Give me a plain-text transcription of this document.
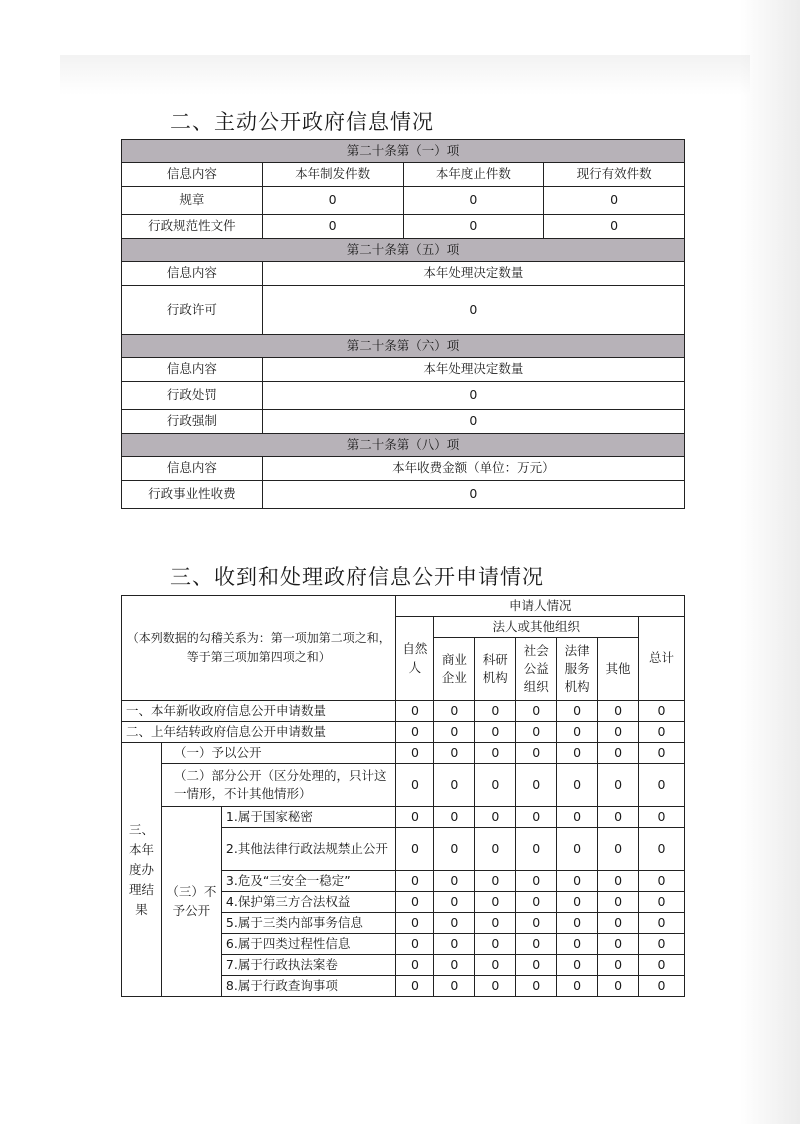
二、主动公开政府信息情况
第二十条第（一）项			
信息内容	本年制发件数	本年度止件数	现行有效件数
规章	0	0	0
行政规范性文件	0	0	0
第二十条第（五）项			
信息内容	本年处理决定数量		
行政许可	0		
第二十条第（六）项			
信息内容	本年处理决定数量		
行政处罚	0		
行政强制	0		
第二十条第（八）项			
信息内容	本年收费金额（单位：万元）		
行政事业性收费	0		
三、收到和处理政府信息公开申请情况
（本列数据的勾稽关系为：第一项加第二项之和，等于第三项加第四项之和）			申请人情况						
			自然人	法人或其他组织					总计
				商业企业	科研机构	社会公益组织	法律服务机构	其他	
一、本年新收政府信息公开申请数量			0	0	0	0	0	0	0
二、上年结转政府信息公开申请数量			0	0	0	0	0	0	0
三、本年度办理结果	（一）予以公开		0	0	0	0	0	0	0
	（二）部分公开（区分处理的，只计这一情形，不计其他情形）		0	0	0	0	0	0	0
	（三）不予公开	1.属于国家秘密	0	0	0	0	0	0	0
		2.其他法律行政法规禁止公开	0	0	0	0	0	0	0
		3.危及“三安全一稳定”	0	0	0	0	0	0	0
		4.保护第三方合法权益	0	0	0	0	0	0	0
		5.属于三类内部事务信息	0	0	0	0	0	0	0
		6.属于四类过程性信息	0	0	0	0	0	0	0
		7.属于行政执法案卷	0	0	0	0	0	0	0
		8.属于行政查询事项	0	0	0	0	0	0	0
